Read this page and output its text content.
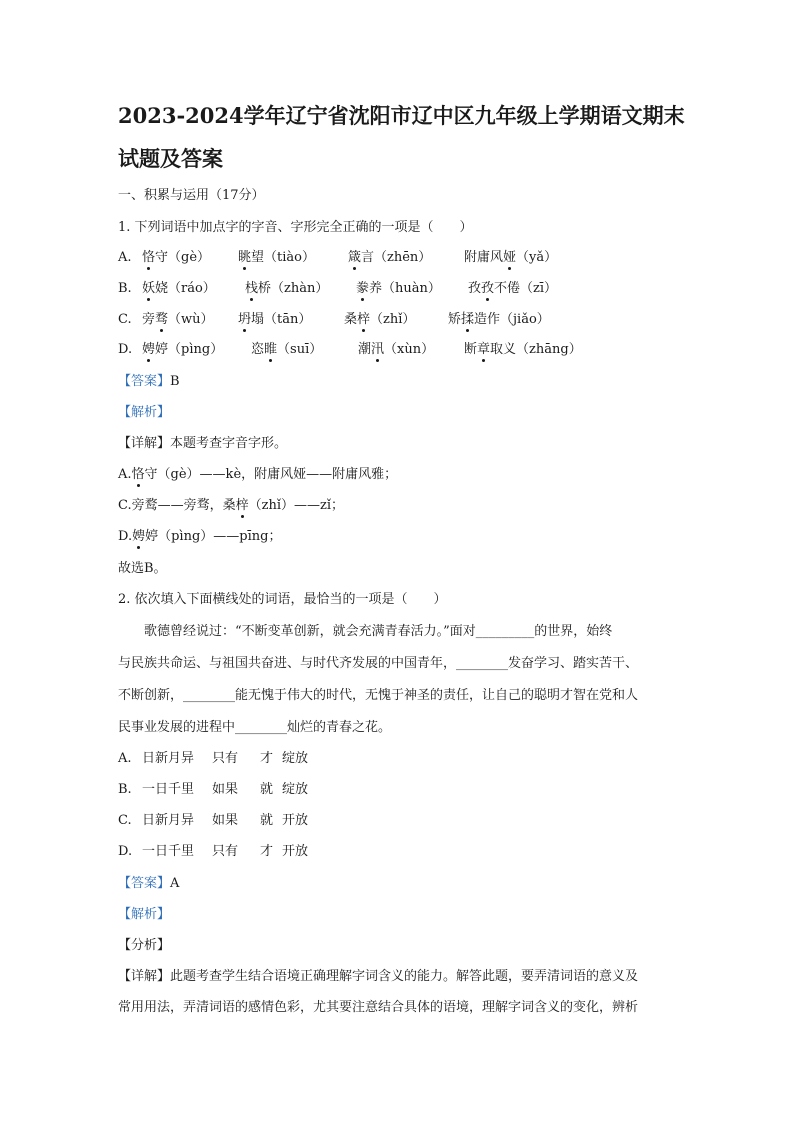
2023-2024学年辽宁省沈阳市辽中区九年级上学期语文期末
试题及答案
一、积累与运用（17分）
1. 下列词语中加点字的字音、字形完全正确的一项是（　　）
A. 恪守（gè） 眺望（tiào）	箴言（zhēn）	附庸风娅（yǎ）
B. 妖娆（ráo） 栈桥（zhàn） 豢养（huàn） 孜孜不倦（zī）
C. 旁骛（wù） 坍塌（tān）	桑梓（zhǐ）	矫揉造作（jiǎo）
D. 娉婷（pìng） 恣睢（suī）	潮汛（xùn） 断章取义（zhāng）
【答案】B
【解析】
【详解】本题考查字音字形。
A.恪守（gè）——kè，附庸风娅——附庸风雅；
C.旁鹜——旁骛，桑梓（zhǐ）——zǐ；
D.娉婷（pìng）——pīng；
故选B。
2. 依次填入下面横线处的词语，最恰当的一项是（　　）
　　歌德曾经说过：“不断变革创新，就会充满青春活力。”面对_________的世界，始终
与民族共命运、与祖国共奋进、与时代齐发展的中国青年，________发奋学习、踏实苦干、
不断创新，________能无愧于伟大的时代，无愧于神圣的责任，让自己的聪明才智在党和人
民事业发展的进程中________灿烂的青春之花。
A. 日新月异 只有 才 绽放
B. 一日千里 如果 就 绽放
C. 日新月异 如果 就 开放
D. 一日千里 只有 才 开放
【答案】A
【解析】
【分析】
【详解】此题考查学生结合语境正确理解字词含义的能力。解答此题，要弄清词语的意义及
常用用法，弄清词语的感情色彩，尤其要注意结合具体的语境，理解字词含义的变化，辨析
